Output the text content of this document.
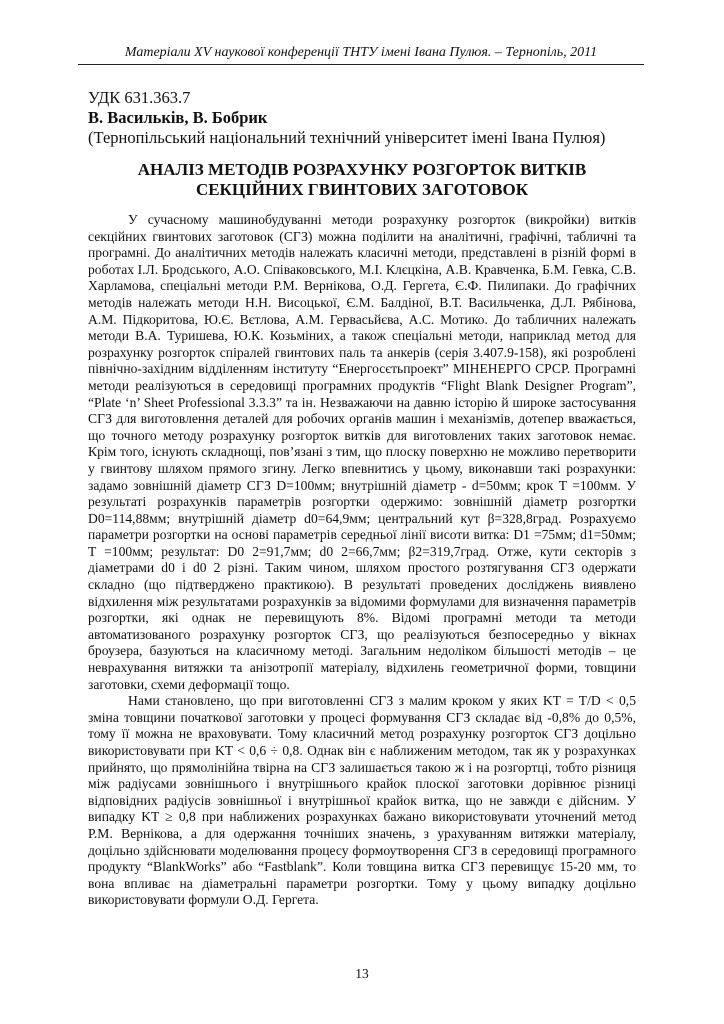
Матеріали XV наукової конференції ТНТУ імені Івана Пулюя. – Тернопіль, 2011
УДК 631.363.7
В. Васильків, В. Бобрик
(Тернопільський національний технічний університет імені Івана Пулюя)
АНАЛІЗ МЕТОДІВ РОЗРАХУНКУ РОЗГОРТОК ВИТКІВ
СЕКЦІЙНИХ ГВИНТОВИХ ЗАГОТОВОК

У сучасному машинобудуванні методи розрахунку розгорток (викройки) витків секційних гвинтових заготовок (СГЗ) можна поділити на аналітичні, графічні, табличні та програмні. До аналітичних методів належать класичні методи, представлені в різній формі в роботах І.Л. Бродського, А.О. Співаковського, М.І. Клєцкіна, А.В. Кравченка, Б.М. Гевка, С.В. Харламова, спеціальні методи Р.М. Вернікова, О.Д. Гергета, Є.Ф. Пилипаки. До графічних методів належать методи Н.Н. Висоцької, Є.М. Балдіної, В.Т. Васильченка, Д.Л. Рябінова, А.М. Підкоритова, Ю.Є. Вєтлова, А.М. Гервасьйєва, А.С. Мотико. До табличних належать методи В.А. Туришева, Ю.К. Козьміних, а також спеціальні методи, наприклад метод для розрахунку розгорток спіралей гвинтових паль та анкерів (серія 3.407.9-158), які розроблені північно-західним відділенням інституту “Енергосєтьпроект” МІНЕНЕРГО СРСР. Програмні методи реалізуються в середовищі програмних продуктів “Flight Blank Designer Program”, “Plate ‘n’ Sheet Professional 3.3.3” та ін. Незважаючи на давню історію й широке застосування СГЗ для виготовлення деталей для робочих органів машин і механізмів, дотепер вважається, що точного методу розрахунку розгорток витків для виготовлених таких заготовок немає. Крім того, існують складнощі, пов’язані з тим, що плоску поверхню не можливо перетворити у гвинтову шляхом прямого згину. Легко впевнитись у цьому, виконавши такі розрахунки: задамо зовнішній діаметр СГЗ D=100мм; внутрішній діаметр - d=50мм; крок T =100мм. У результаті розрахунків параметрів розгортки одержимо: зовнішній діаметр розгортки D0=114,88мм; внутрішній діаметр d0=64,9мм; центральний кут β=328,8град. Розрахуємо параметри розгортки на основі параметрів середньої лінії висоти витка: D1 =75мм; d1=50мм; T =100мм; результат: D0 2=91,7мм; d0 2=66,7мм; β2=319,7град. Отже, кути секторів з діаметрами d0 і d0 2 різні. Таким чином, шляхом простого розтягування СГЗ одержати складно (що підтверджено практикою). В результаті проведених досліджень виявлено відхилення між результатами розрахунків за відомими формулами для визначення параметрів розгортки, які однак не перевищують 8%. Відомі програмні методи та методи автоматизованого розрахунку розгорток СГЗ, що реалізуються безпосередньо у вікнах броузера, базуються на класичному методі. Загальним недоліком більшості методів – це неврахування витяжки та анізотропії матеріалу, відхилень геометричної форми, товщини заготовки, схеми деформації тощо.

Нами становлено, що при виготовленні СГЗ з малим кроком у яких KT = T/D < 0,5 зміна товщини початкової заготовки у процесі формування СГЗ складає від -0,8% до 0,5%, тому її можна не враховувати. Тому класичний метод розрахунку розгорток СГЗ доцільно використовувати при KT < 0,6 ÷ 0,8. Однак він є наближеним методом, так як у розрахунках прийнято, що прямолінійна твірна на СГЗ залишається такою ж і на розгортці, тобто різниця між радіусами зовнішнього і внутрішнього крайок плоскої заготовки дорівнює різниці відповідних радіусів зовнішньої і внутрішньої крайок витка, що не завжди є дійсним. У випадку KT ≥ 0,8 при наближених розрахунках бажано використовувати уточнений метод Р.М. Вернікова, а для одержання точніших значень, з урахуванням витяжки матеріалу, доцільно здійснювати моделювання процесу формоутворення СГЗ в середовищі програмного продукту “BlankWorks” або “Fastblank”. Коли товщина витка СГЗ перевищує 15-20 мм, то вона впливає на діаметральні параметри розгортки. Тому у цьому випадку доцільно використовувати формули О.Д. Гергета.

13
